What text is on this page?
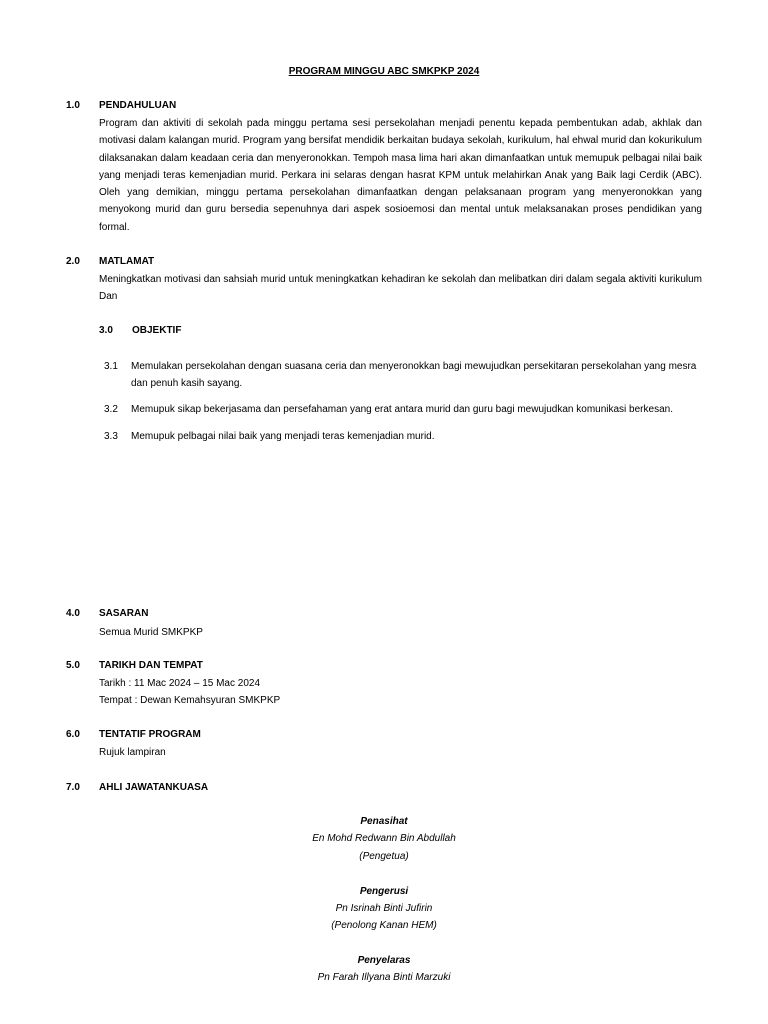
PROGRAM MINGGU ABC SMKPKP 2024
1.0 PENDAHULUAN
Program dan aktiviti di sekolah pada minggu pertama sesi persekolahan menjadi penentu kepada pembentukan adab, akhlak dan motivasi dalam kalangan murid. Program yang bersifat mendidik berkaitan budaya sekolah, kurikulum, hal ehwal murid dan kokurikulum dilaksanakan dalam keadaan ceria dan menyeronokkan. Tempoh masa lima hari akan dimanfaatkan untuk memupuk pelbagai nilai baik yang menjadi teras kemenjadian murid. Perkara ini selaras dengan hasrat KPM untuk melahirkan Anak yang Baik lagi Cerdik (ABC). Oleh yang demikian, minggu pertama persekolahan dimanfaatkan dengan pelaksanaan program yang menyeronokkan yang menyokong murid dan guru bersedia sepenuhnya dari aspek sosioemosi dan mental untuk melaksanakan proses pendidikan yang formal.
2.0 MATLAMAT
Meningkatkan motivasi dan sahsiah murid untuk meningkatkan kehadiran ke sekolah dan melibatkan diri dalam segala aktiviti kurikulum Dan
3.0 OBJEKTIF
3.1 Memulakan persekolahan dengan suasana ceria dan menyeronokkan bagi mewujudkan persekitaran persekolahan yang mesra dan penuh kasih sayang.
3.2 Memupuk sikap bekerjasama dan persefahaman yang erat antara murid dan guru bagi mewujudkan komunikasi berkesan.
3.3 Memupuk pelbagai nilai baik yang menjadi teras kemenjadian murid.
4.0 SASARAN
Semua Murid SMKPKP
5.0 TARIKH DAN TEMPAT
Tarikh : 11 Mac 2024 – 15 Mac 2024
Tempat : Dewan Kemahsyuran SMKPKP
6.0 TENTATIF PROGRAM
Rujuk lampiran
7.0 AHLI JAWATANKUASA
Penasihat
En Mohd Redwann Bin Abdullah
(Pengetua)
Pengerusi
Pn Isrinah Binti Jufirin
(Penolong Kanan HEM)
Penyelaras
Pn Farah Illyana Binti Marzuki
